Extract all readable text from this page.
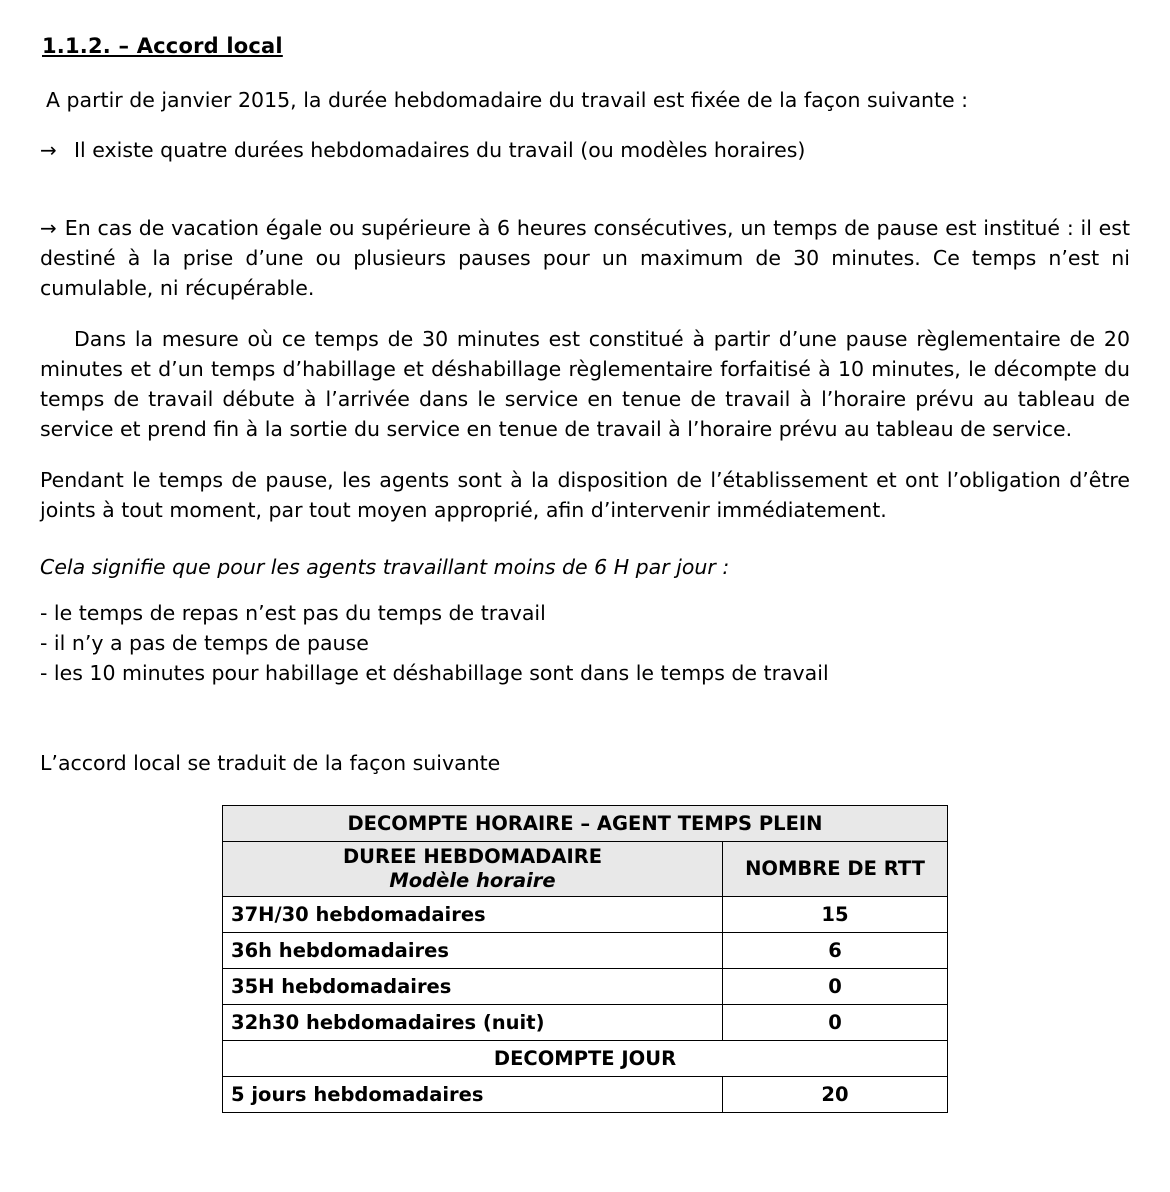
1.1.2. – Accord local

A partir de janvier 2015, la durée hebdomadaire du travail est fixée de la façon suivante :

→ Il existe quatre durées hebdomadaires du travail (ou modèles horaires)

→ En cas de vacation égale ou supérieure à 6 heures consécutives, un temps de pause est institué : il est destiné à la prise d’une ou plusieurs pauses pour un maximum de 30 minutes. Ce temps n’est ni cumulable, ni récupérable.

Dans la mesure où ce temps de 30 minutes est constitué à partir d’une pause règlementaire de 20 minutes et d’un temps d’habillage et déshabillage règlementaire forfaitisé à 10 minutes, le décompte du temps de travail débute à l’arrivée dans le service en tenue de travail à l’horaire prévu au tableau de service et prend fin à la sortie du service en tenue de travail à l’horaire prévu au tableau de service.

Pendant le temps de pause, les agents sont à la disposition de l’établissement et ont l’obligation d’être joints à tout moment, par tout moyen approprié, afin d’intervenir immédiatement.

Cela signifie que pour les agents travaillant moins de 6 H par jour :

- le temps de repas n’est pas du temps de travail
- il n’y a pas de temps de pause
- les 10 minutes pour habillage et déshabillage sont dans le temps de travail

L’accord local se traduit de la façon suivante

DECOMPTE HORAIRE – AGENT TEMPS PLEIN	

DUREE HEBDOMADAIRE
Modèle horaire	NOMBRE DE RTT
37H/30 hebdomadaires	15
36h hebdomadaires	6
35H hebdomadaires	0
32h30 hebdomadaires (nuit)	0
DECOMPTE JOUR	
5 jours hebdomadaires	20
